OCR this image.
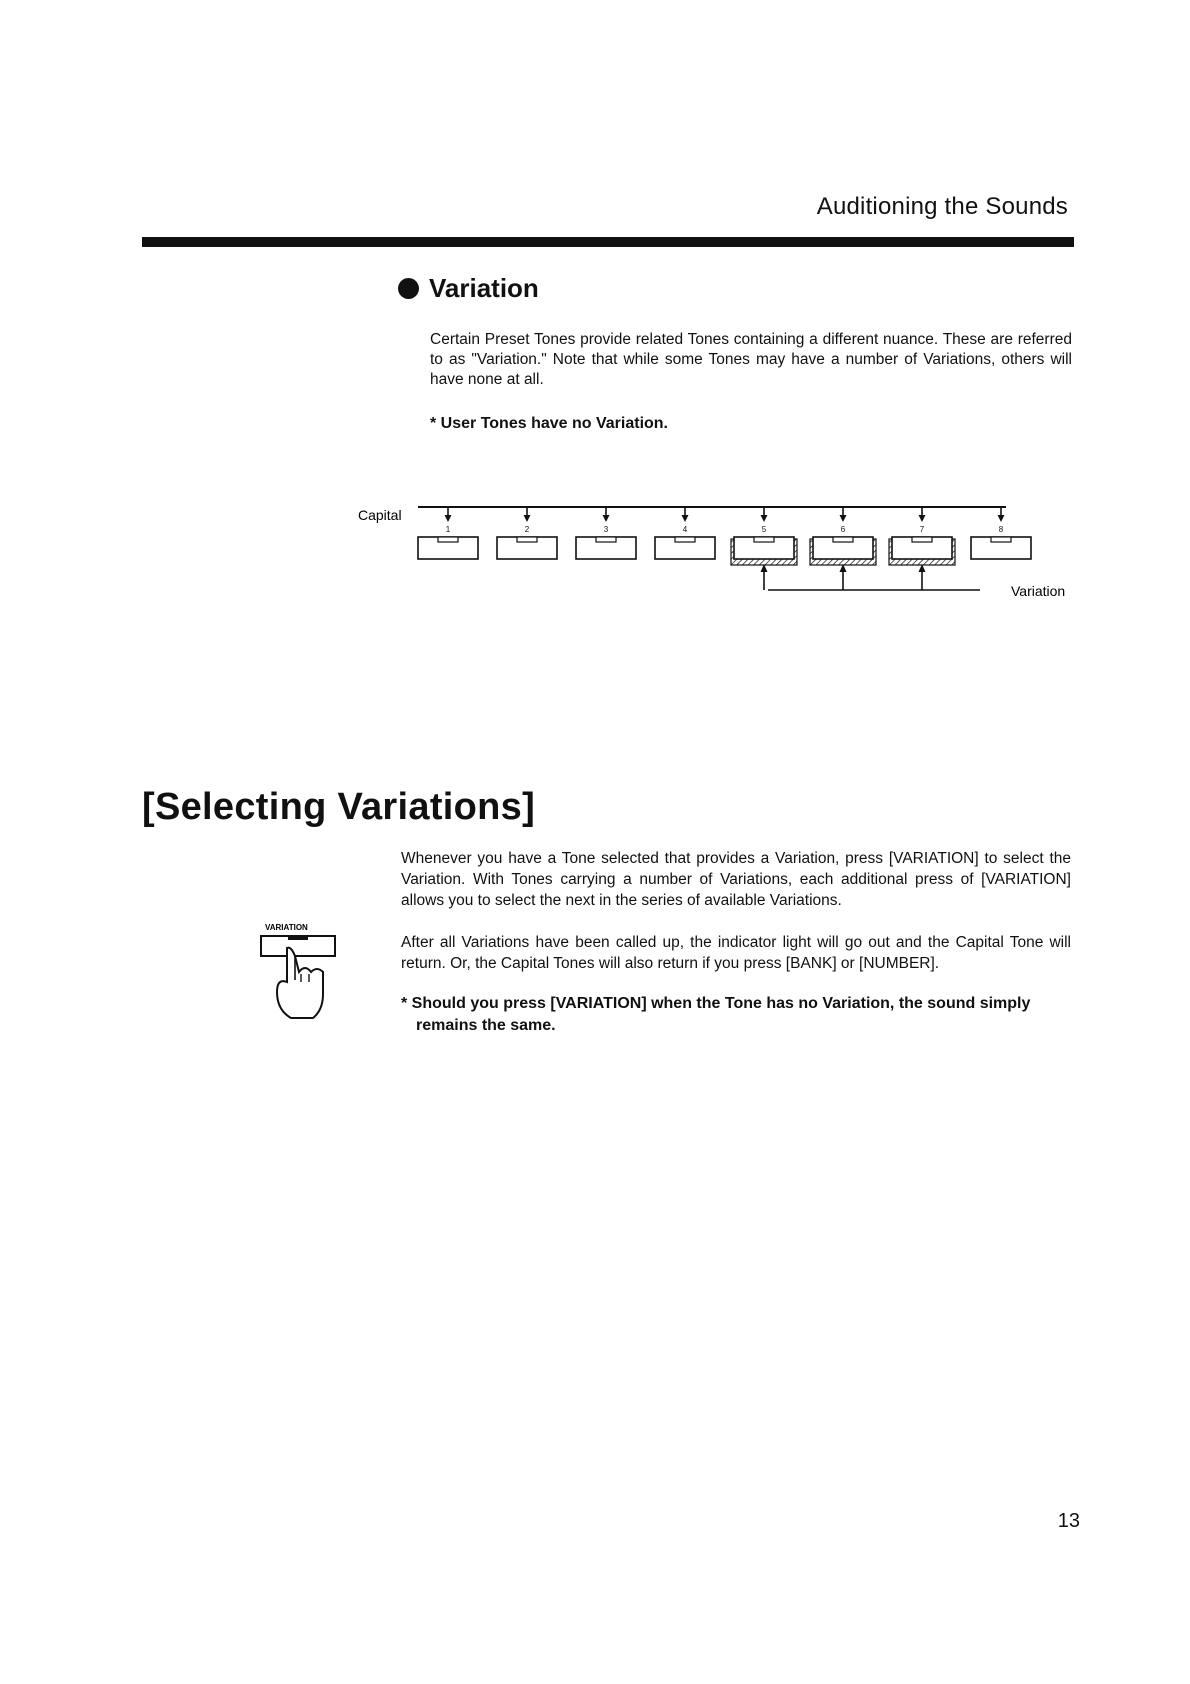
Auditioning the Sounds
Variation
Certain Preset Tones provide related Tones containing a different nuance. These are referred to as "Variation." Note that while some Tones may have a number of Variations, others will have none at all.
* User Tones have no Variation.
Capital
1	2	3	4	5	6	7	8
Variation
[Selecting Variations]
VARIATION
Whenever you have a Tone selected that provides a Variation, press [VARIATION] to select the Variation. With Tones carrying a number of Variations, each additional press of [VARIATION] allows you to select the next in the series of available Variations.
After all Variations have been called up, the indicator light will go out and the Capital Tone will return. Or, the Capital Tones will also return if you press [BANK] or [NUMBER].
* Should you press [VARIATION] when the Tone has no Variation, the sound simply remains the same.
13
